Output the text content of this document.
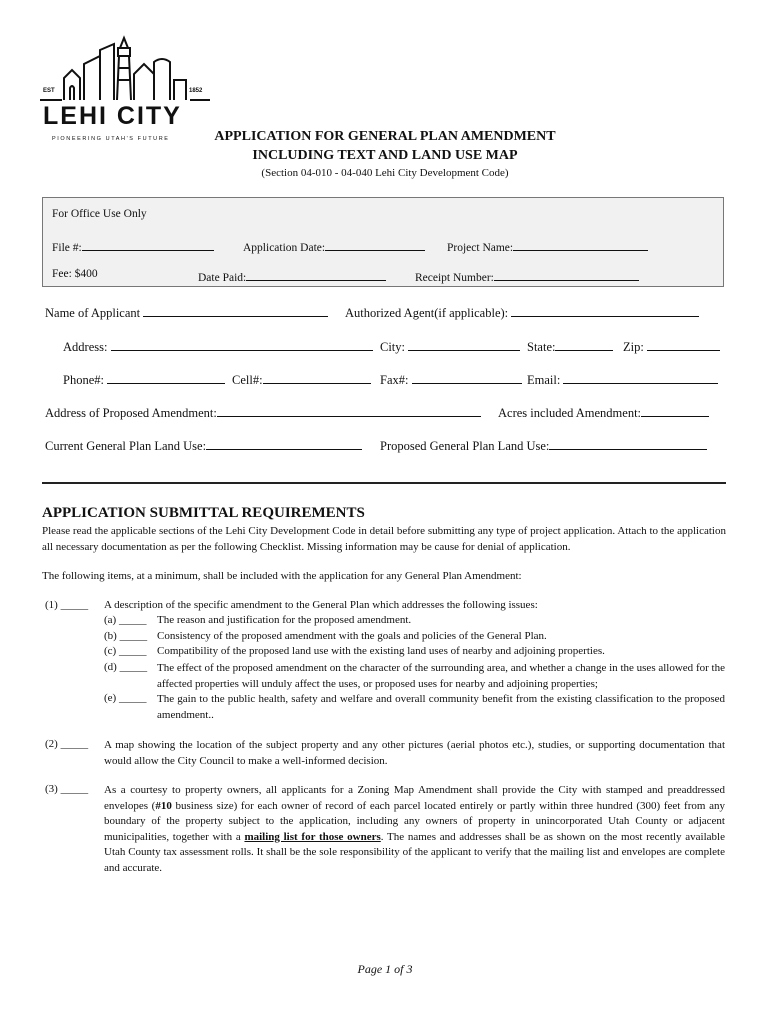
EST	1852
LEHI CITY
PIONEERING UTAH'S FUTURE	APPLICATION FOR GENERAL PLAN AMENDMENT
INCLUDING TEXT AND LAND USE MAP
(Section 04-010 - 04-040 Lehi City Development Code)
For Office Use Only
File #:	Application Date:	Project Name:
Fee: $400	Date Paid:	Receipt Number:
Name of Applicant	Authorized Agent(if applicable):
Address:	City:	State:	Zip:
Phone#:	Cell#:	Fax#:	Email:
Address of Proposed Amendment:	Acres included Amendment:
Current General Plan Land Use:	Proposed General Plan Land Use:
APPLICATION SUBMITTAL REQUIREMENTS
Please read the applicable sections of the Lehi City Development Code in detail before submitting any type of project application. Attach to the application all necessary documentation as per the following Checklist. Missing information may be cause for denial of application.
The following items, at a minimum, shall be included with the application for any General Plan Amendment:
(1) _____ A description of the specific amendment to the General Plan which addresses the following issues:
(a) _____ The reason and justification for the proposed amendment.
(b) _____ Consistency of the proposed amendment with the goals and policies of the General Plan.
(c) _____ Compatibility of the proposed land use with the existing land uses of nearby and adjoining properties.
(d) _____ The effect of the proposed amendment on the character of the surrounding area, and whether a change in the uses allowed for the affected properties will unduly affect the uses, or proposed uses for nearby and adjoining properties;
(e) _____ The gain to the public health, safety and welfare and overall community benefit from the existing classification to the proposed amendment..
(2) _____ A map showing the location of the subject property and any other pictures (aerial photos etc.), studies, or supporting documentation that would allow the City Council to make a well-informed decision.
(3) _____ As a courtesy to property owners, all applicants for a Zoning Map Amendment shall provide the City with stamped and preaddressed envelopes (#10 business size) for each owner of record of each parcel located entirely or partly within three hundred (300) feet from any boundary of the property subject to the application, including any owners of property in unincorporated Utah County or adjacent municipalities, together with a mailing list for those owners. The names and addresses shall be as shown on the most recently available Utah County tax assessment rolls. It shall be the sole responsibility of the applicant to verify that the mailing list and envelopes are complete and accurate.
Page 1 of 3
